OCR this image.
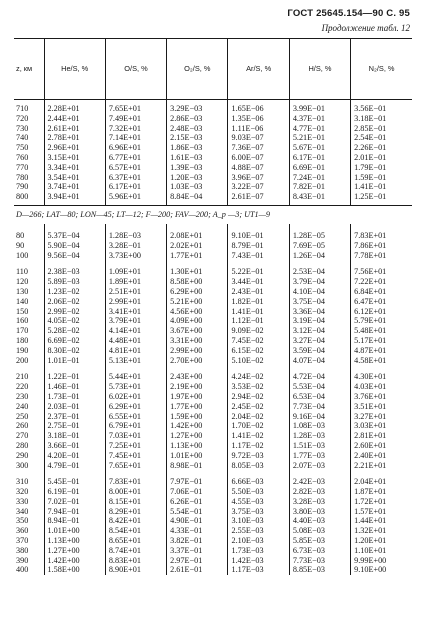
ГОСТ 25645.154—90 С. 95
Продолжение табл. 12
z, км	He/S, %	O/S, %	O₂/S, %	Ar/S, %	H/S, %	N₂/S, %
710	2.28E+01	7.65E+01	3.29E−03	1.65E−06	3.99E−01	3.56E−01
720	2.44E+01	7.49E+01	2.86E−03	1.35E−06	4.37E−01	3.18E−01
730	2.61E+01	7.32E+01	2.48E−03	1.11E−06	4.77E−01	2.85E−01
740	2.78E+01	7.14E+01	2.15E−03	9.03E−07	5.21E−01	2.54E−01
750	2.96E+01	6.96E+01	1.86E−03	7.36E−07	5.67E−01	2.26E−01
760	3.15E+01	6.77E+01	1.61E−03	6.00E−07	6.17E−01	2.01E−01
770	3.34E+01	6.57E+01	1.39E−03	4.88E−07	6.69E−01	1.79E−01
780	3.54E+01	6.37E+01	1.20E−03	3.96E−07	7.24E−01	1.59E−01
790	3.74E+01	6.17E+01	1.03E−03	3.22E−07	7.82E−01	1.41E−01
800	3.94E+01	5.96E+01	8.84E−04	2.61E−07	8.43E−01	1.25E−01
D—266; LAT—80; LON—45; LT—12; F—200; FAV—200; A_p —3; UT1—9						
80	5.37E−04	1.28E−03	2.08E+01	9.10E−01	1.28E−05	7.83E+01
90	5.90E−04	3.28E−01	2.02E+01	8.79E−01	7.69E−05	7.86E+01
100	9.56E−04	3.73E+00	1.77E+01	7.43E−01	1.26E−04	7.78E+01
110	2.38E−03	1.09E+01	1.30E+01	5.22E−01	2.53E−04	7.56E+01
120	5.89E−03	1.89E+01	8.58E+00	3.44E−01	3.79E−04	7.22E+01
130	1.23E−02	2.51E+01	6.29E+00	2.43E−01	4.10E−04	6.84E+01
140	2.06E−02	2.99E+01	5.21E+00	1.82E−01	3.75E−04	6.47E+01
150	2.99E−02	3.41E+01	4.56E+00	1.41E−01	3.36E−04	6.12E+01
160	4.05E−02	3.79E+01	4.09E+00	1.12E−01	3.19E−04	5.79E+01
170	5.28E−02	4.14E+01	3.67E+00	9.09E−02	3.12E−04	5.48E+01
180	6.69E−02	4.48E+01	3.31E+00	7.45E−02	3.27E−04	5.17E+01
190	8.30E−02	4.81E+01	2.99E+00	6.15E−02	3.59E−04	4.87E+01
200	1.01E−01	5.13E+01	2.70E+00	5.10E−02	4.07E−04	4.58E+01
210	1.22E−01	5.44E+01	2.43E+00	4.24E−02	4.72E−04	4.30E+01
220	1.46E−01	5.73E+01	2.19E+00	3.53E−02	5.53E−04	4.03E+01
230	1.73E−01	6.02E+01	1.97E+00	2.94E−02	6.53E−04	3.76E+01
240	2.03E−01	6.29E+01	1.77E+00	2.45E−02	7.73E−04	3.51E+01
250	2.37E−01	6.55E+01	1.59E+00	2.04E−02	9.16E−04	3.27E+01
260	2.75E−01	6.79E+01	1.42E+00	1.70E−02	1.08E−03	3.03E+01
270	3.18E−01	7.03E+01	1.27E+00	1.41E−02	1.28E−03	2.81E+01
280	3.66E−01	7.25E+01	1.13E+00	1.17E−02	1.51E−03	2.60E+01
290	4.20E−01	7.45E+01	1.01E+00	9.72E−03	1.77E−03	2.40E+01
300	4.79E−01	7.65E+01	8.98E−01	8.05E−03	2.07E−03	2.21E+01
310	5.45E−01	7.83E+01	7.97E−01	6.66E−03	2.42E−03	2.04E+01
320	6.19E−01	8.00E+01	7.06E−01	5.50E−03	2.82E−03	1.87E+01
330	7.02E−01	8.15E+01	6.26E−01	4.55E−03	3.28E−03	1.72E+01
340	7.94E−01	8.29E+01	5.54E−01	3.75E−03	3.80E−03	1.57E+01
350	8.94E−01	8.42E+01	4.90E−01	3.10E−03	4.40E−03	1.44E+01
360	1.01E+00	8.54E+01	4.33E−01	2.55E−03	5.08E−03	1.32E+01
370	1.13E+00	8.65E+01	3.82E−01	2.10E−03	5.85E−03	1.20E+01
380	1.27E+00	8.74E+01	3.37E−01	1.73E−03	6.73E−03	1.10E+01
390	1.42E+00	8.83E+01	2.97E−01	1.42E−03	7.73E−03	9.99E+00
400	1.58E+00	8.90E+01	2.61E−01	1.17E−03	8.85E−03	9.10E+00
